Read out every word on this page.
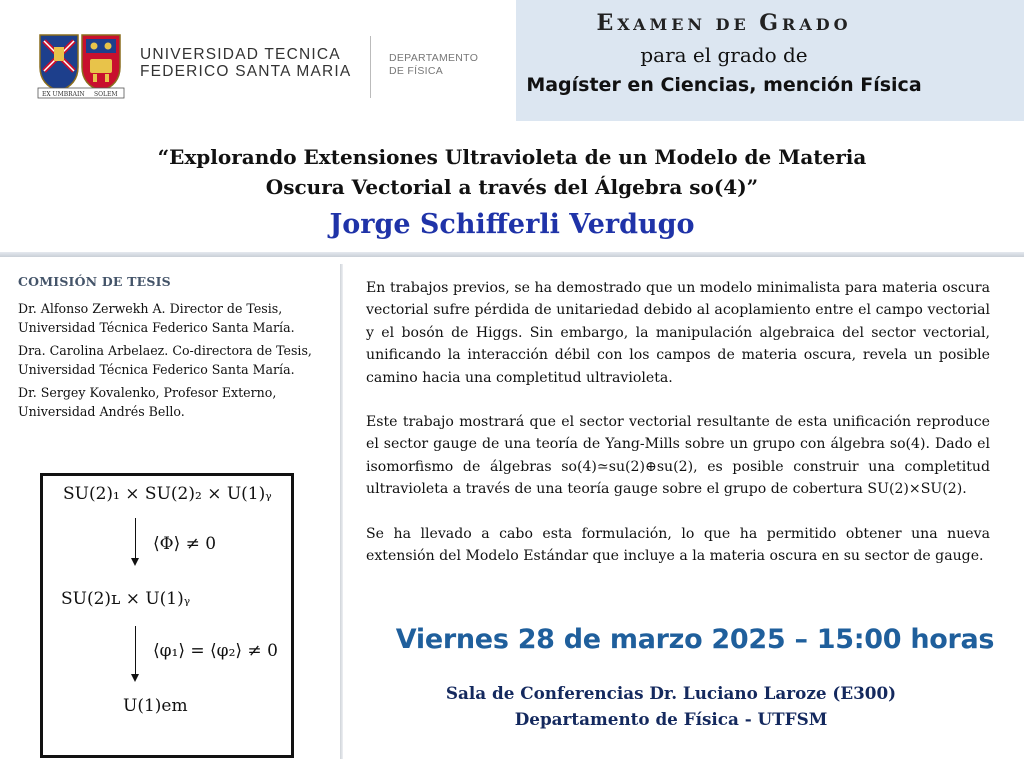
EX UMBRA IN SOLEM
UNIVERSIDAD TECNICA
FEDERICO SANTA MARIA
DEPARTAMENTO
DE FÍSICA
EXAMEN DE GRADO
para el grado de
Magíster en Ciencias, mención Física
“Explorando Extensiones Ultravioleta de un Modelo de Materia
Oscura Vectorial a través del Álgebra so(4)”
Jorge Schifferli Verdugo
COMISIÓN DE TESIS
Dr. Alfonso Zerwekh A. Director de Tesis, Universidad Técnica Federico Santa María.
Dra. Carolina Arbelaez. Co-directora de Tesis, Universidad Técnica Federico Santa María.
Dr. Sergey Kovalenko, Profesor Externo, Universidad Andrés Bello.
SU(2)₁ × SU(2)₂ × U(1)ᵧ
⟨Φ⟩ ≠ 0
SU(2)ʟ × U(1)ᵧ
⟨φ₁⟩ = ⟨φ₂⟩ ≠ 0
U(1)em

En trabajos previos, se ha demostrado que un modelo minimalista para materia oscura vectorial sufre pérdida de unitariedad debido al acoplamiento entre el campo vectorial y el bosón de Higgs. Sin embargo, la manipulación algebraica del sector vectorial, unificando la interacción débil con los campos de materia oscura, revela un posible camino hacia una completitud ultravioleta.

Este trabajo mostrará que el sector vectorial resultante de esta unificación reproduce el sector gauge de una teoría de Yang-Mills sobre un grupo con álgebra so(4). Dado el isomorfismo de álgebras so(4)≃su(2)⊕su(2), es posible construir una completitud ultravioleta a través de una teoría gauge sobre el grupo de cobertura SU(2)×SU(2).

Se ha llevado a cabo esta formulación, lo que ha permitido obtener una nueva extensión del Modelo Estándar que incluye a la materia oscura en su sector de gauge.

Viernes 28 de marzo 2025 – 15:00 horas
Sala de Conferencias Dr. Luciano Laroze (E300)
Departamento de Física - UTFSM
